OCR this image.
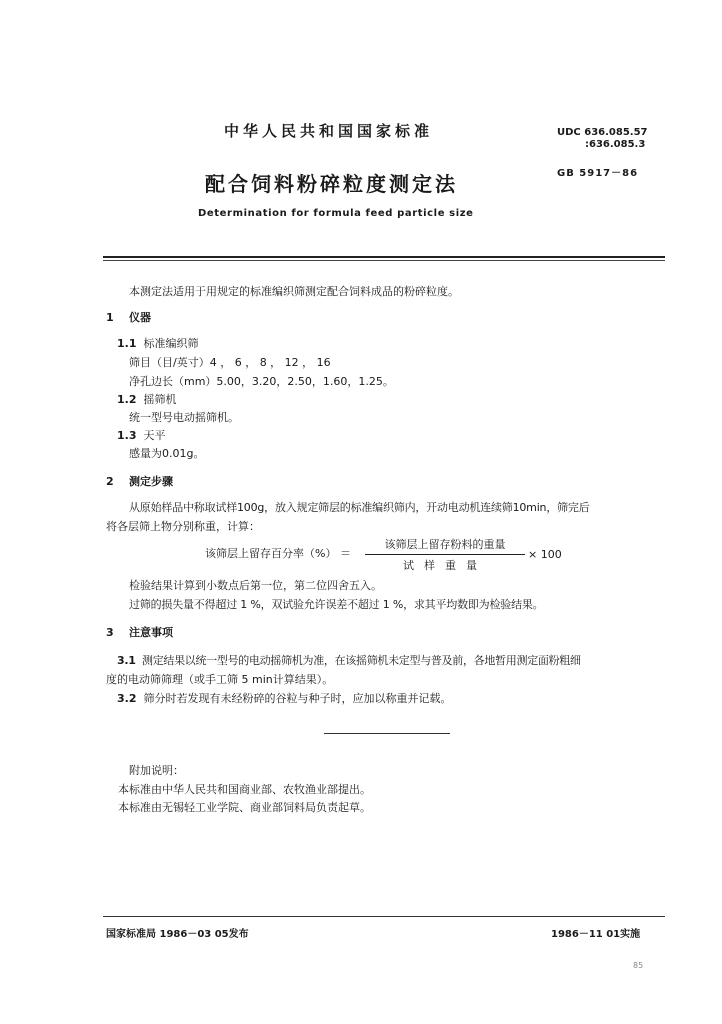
中华人民共和国国家标准	UDC 636.085.57
:636.085.3
GB 5917－86
配合饲料粉碎粒度测定法
Determination for formula feed particle size
本测定法适用于用规定的标准编织筛测定配合饲料成品的粉碎粒度。
1 仪器
1.1 标准编织筛
筛目（目/英寸）4 ， 6 ， 8 ， 12 ， 16
净孔边长（mm）5.00，3.20，2.50，1.60，1.25。
1.2 摇筛机
统一型号电动摇筛机。
1.3 天平
感量为0.01g。
2 测定步骤
从原始样品中称取试样100g，放入规定筛层的标准编织筛内，开动电动机连续筛10min，筛完后
将各层筛上物分别称重，计算：
该筛层上留存百分率（%） ＝
该筛层上留存粉料的重量
试样重量
× 100
检验结果计算到小数点后第一位，第二位四舍五入。
过筛的损失量不得超过 1 %，双试验允许误差不超过 1 %，求其平均数即为检验结果。
3 注意事项
3.1 测定结果以统一型号的电动摇筛机为准，在该摇筛机未定型与普及前，各地暂用测定面粉粗细
度的电动筛筛理（或手工筛 5 min计算结果）。
3.2 筛分时若发现有未经粉碎的谷粒与种子时，应加以称重并记载。
附加说明：
本标准由中华人民共和国商业部、农牧渔业部提出。
本标准由无锡轻工业学院、商业部饲料局负责起草。
国家标准局 1986－03 05发布	1986－11 01实施
85
